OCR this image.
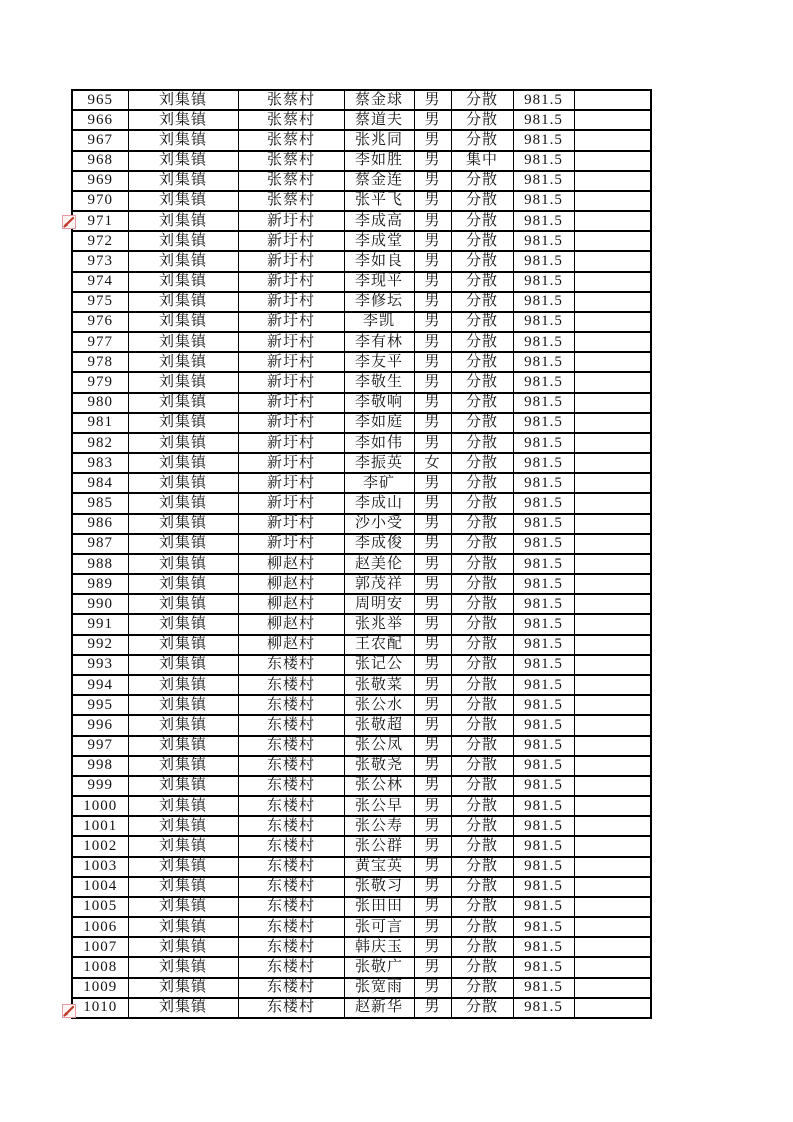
965	刘集镇	张蔡村	蔡金球	男	分散	981.5	
966	刘集镇	张蔡村	蔡道夫	男	分散	981.5	
967	刘集镇	张蔡村	张兆同	男	分散	981.5	
968	刘集镇	张蔡村	李如胜	男	集中	981.5	
969	刘集镇	张蔡村	蔡金连	男	分散	981.5	
970	刘集镇	张蔡村	张平飞	男	分散	981.5	
971	刘集镇	新圩村	李成高	男	分散	981.5	
972	刘集镇	新圩村	李成堂	男	分散	981.5	
973	刘集镇	新圩村	李如良	男	分散	981.5	
974	刘集镇	新圩村	李现平	男	分散	981.5	
975	刘集镇	新圩村	李修坛	男	分散	981.5	
976	刘集镇	新圩村	李凯	男	分散	981.5	
977	刘集镇	新圩村	李有林	男	分散	981.5	
978	刘集镇	新圩村	李友平	男	分散	981.5	
979	刘集镇	新圩村	李敬生	男	分散	981.5	
980	刘集镇	新圩村	李敬响	男	分散	981.5	
981	刘集镇	新圩村	李如庭	男	分散	981.5	
982	刘集镇	新圩村	李如伟	男	分散	981.5	
983	刘集镇	新圩村	李振英	女	分散	981.5	
984	刘集镇	新圩村	李矿	男	分散	981.5	
985	刘集镇	新圩村	李成山	男	分散	981.5	
986	刘集镇	新圩村	沙小受	男	分散	981.5	
987	刘集镇	新圩村	李成俊	男	分散	981.5	
988	刘集镇	柳赵村	赵美伦	男	分散	981.5	
989	刘集镇	柳赵村	郭茂祥	男	分散	981.5	
990	刘集镇	柳赵村	周明安	男	分散	981.5	
991	刘集镇	柳赵村	张兆举	男	分散	981.5	
992	刘集镇	柳赵村	王农配	男	分散	981.5	
993	刘集镇	东楼村	张记公	男	分散	981.5	
994	刘集镇	东楼村	张敬菜	男	分散	981.5	
995	刘集镇	东楼村	张公水	男	分散	981.5	
996	刘集镇	东楼村	张敬超	男	分散	981.5	
997	刘集镇	东楼村	张公凤	男	分散	981.5	
998	刘集镇	东楼村	张敬尧	男	分散	981.5	
999	刘集镇	东楼村	张公林	男	分散	981.5	
1000	刘集镇	东楼村	张公早	男	分散	981.5	
1001	刘集镇	东楼村	张公寿	男	分散	981.5	
1002	刘集镇	东楼村	张公群	男	分散	981.5	
1003	刘集镇	东楼村	黄宝英	男	分散	981.5	
1004	刘集镇	东楼村	张敬习	男	分散	981.5	
1005	刘集镇	东楼村	张田田	男	分散	981.5	
1006	刘集镇	东楼村	张可言	男	分散	981.5	
1007	刘集镇	东楼村	韩庆玉	男	分散	981.5	
1008	刘集镇	东楼村	张敬广	男	分散	981.5	
1009	刘集镇	东楼村	张宽雨	男	分散	981.5	
1010	刘集镇	东楼村	赵新华	男	分散	981.5	
